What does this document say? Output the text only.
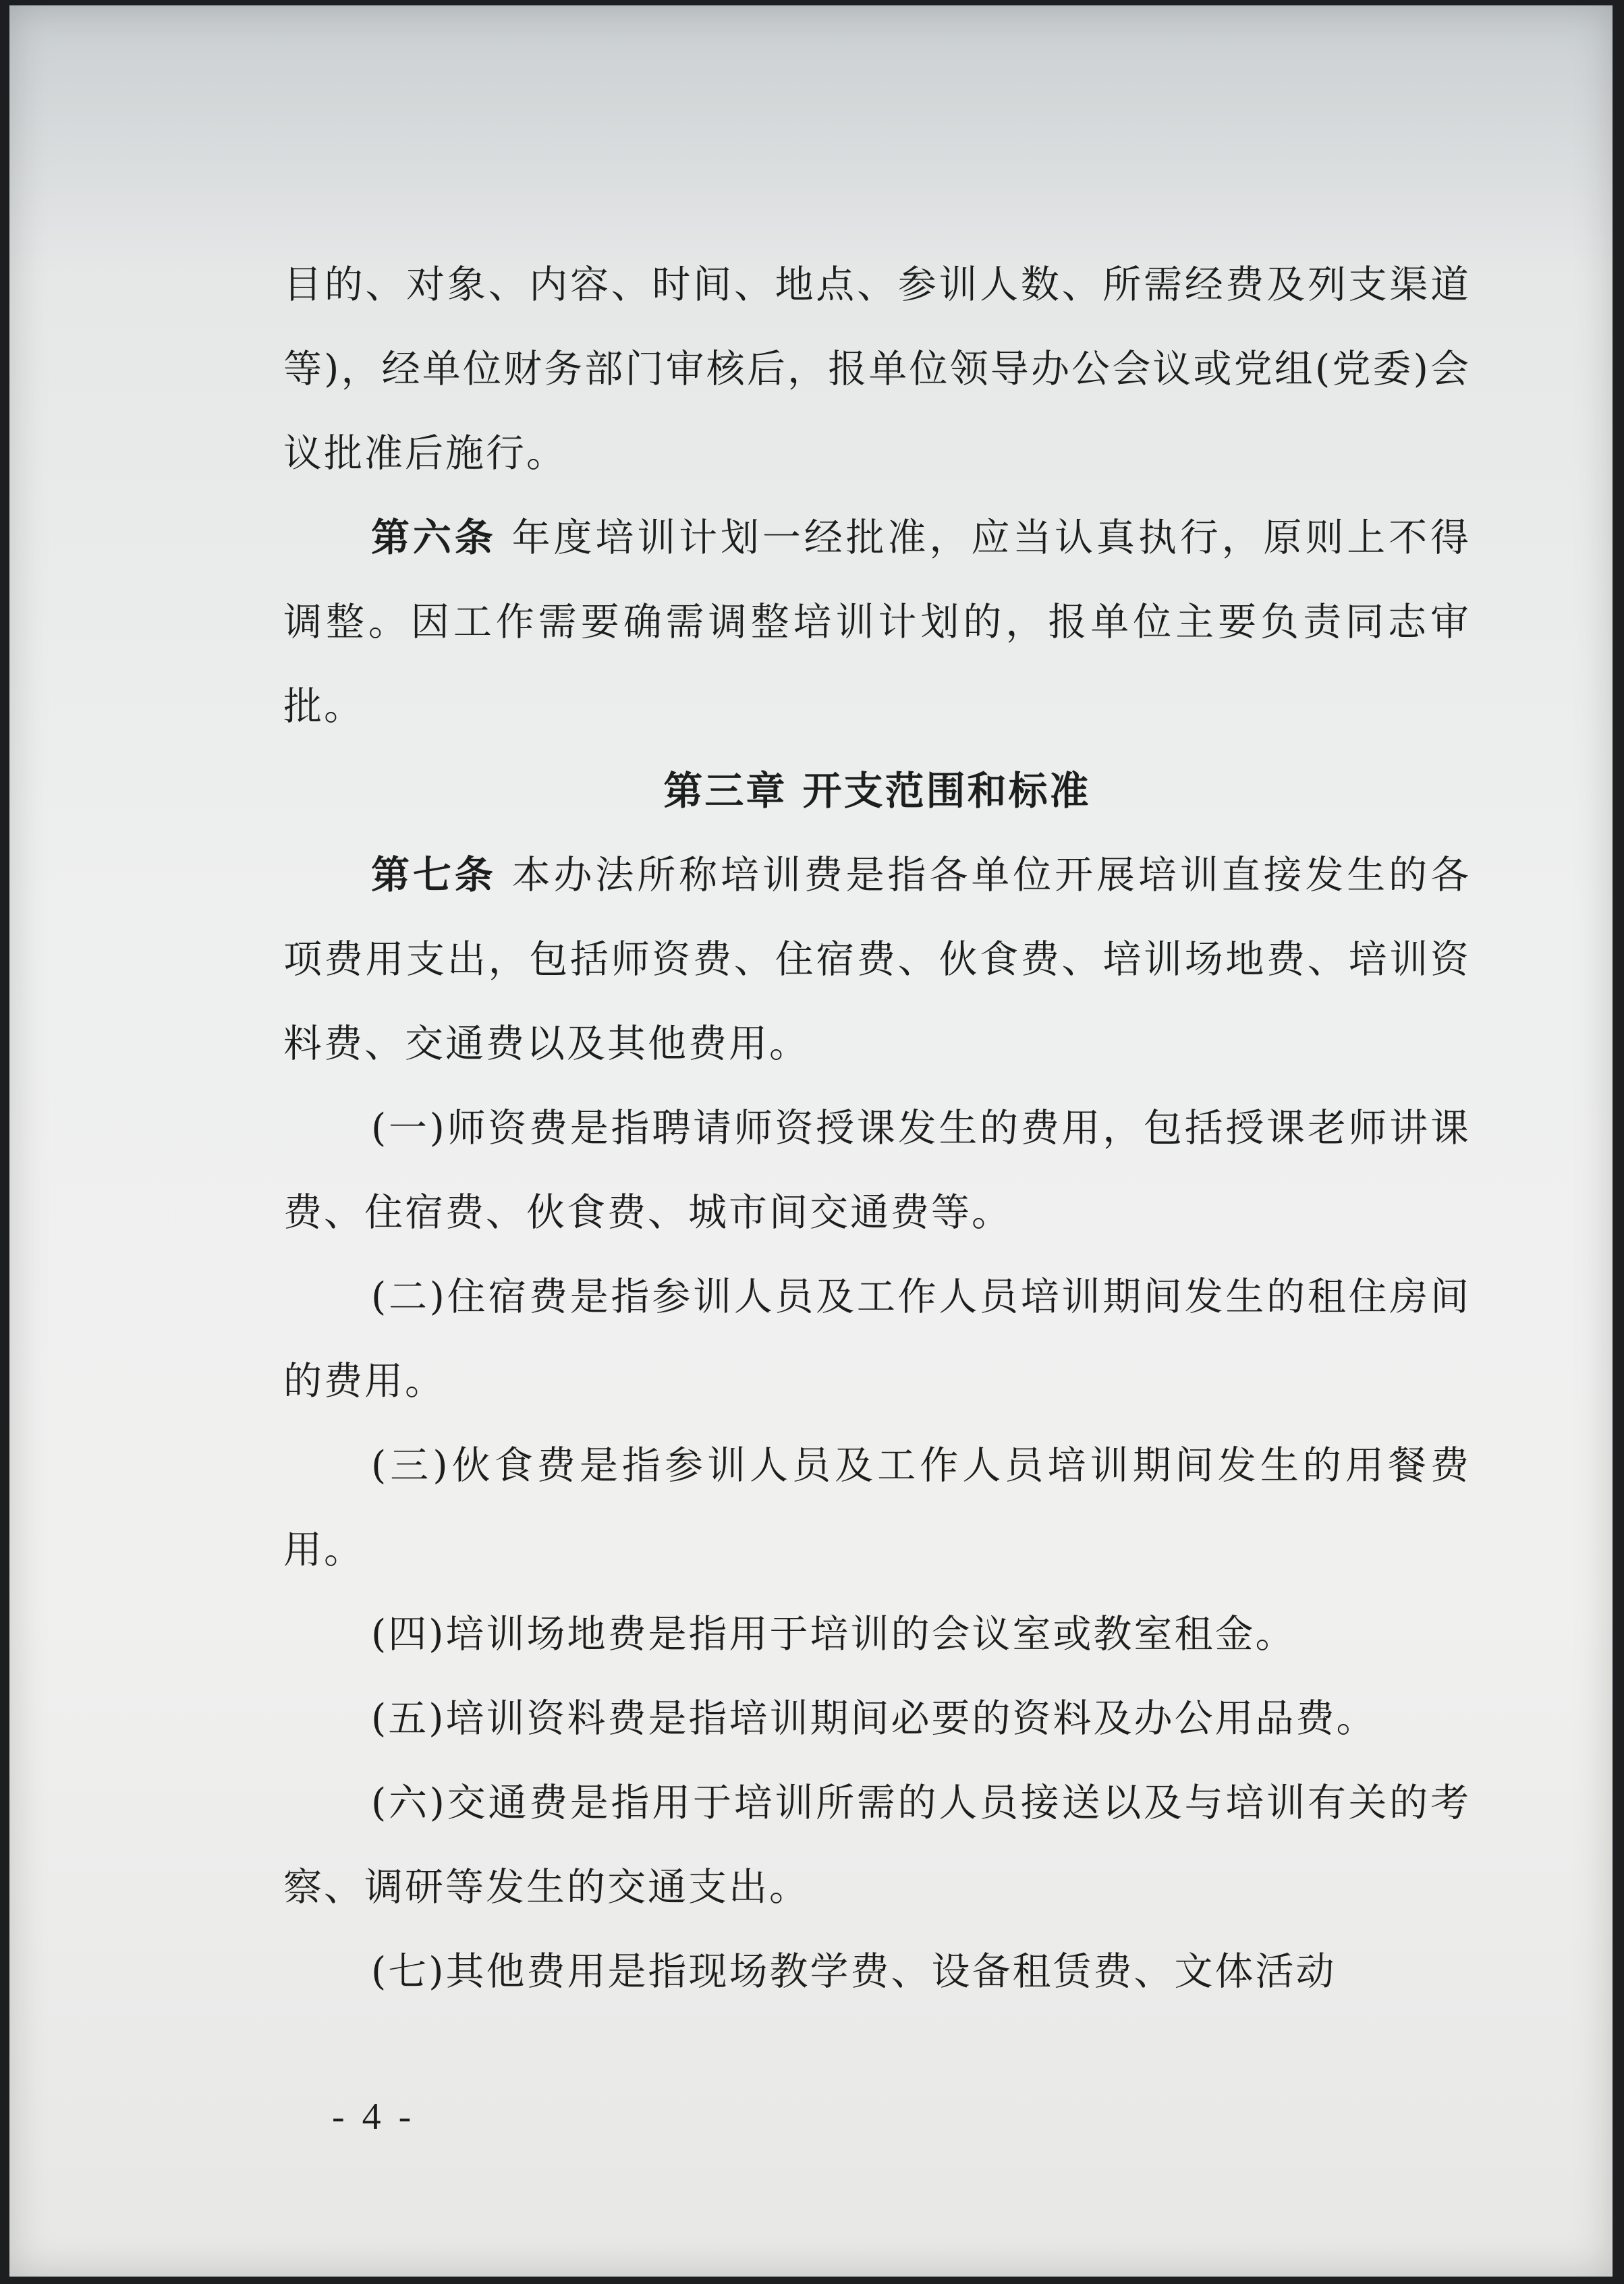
目的、对象、内容、时间、地点、参训人数、所需经费及列支渠道等)，经单位财务部门审核后，报单位领导办公会议或党组(党委)会议批准后施行。

第六条 年度培训计划一经批准，应当认真执行，原则上不得调整。因工作需要确需调整培训计划的，报单位主要负责同志审批。

第三章 开支范围和标准

第七条 本办法所称培训费是指各单位开展培训直接发生的各项费用支出，包括师资费、住宿费、伙食费、培训场地费、培训资料费、交通费以及其他费用。

(一)师资费是指聘请师资授课发生的费用，包括授课老师讲课费、住宿费、伙食费、城市间交通费等。

(二)住宿费是指参训人员及工作人员培训期间发生的租住房间的费用。

(三)伙食费是指参训人员及工作人员培训期间发生的用餐费用。

(四)培训场地费是指用于培训的会议室或教室租金。

(五)培训资料费是指培训期间必要的资料及办公用品费。

(六)交通费是指用于培训所需的人员接送以及与培训有关的考察、调研等发生的交通支出。

(七)其他费用是指现场教学费、设备租赁费、文体活动

- 4 -
